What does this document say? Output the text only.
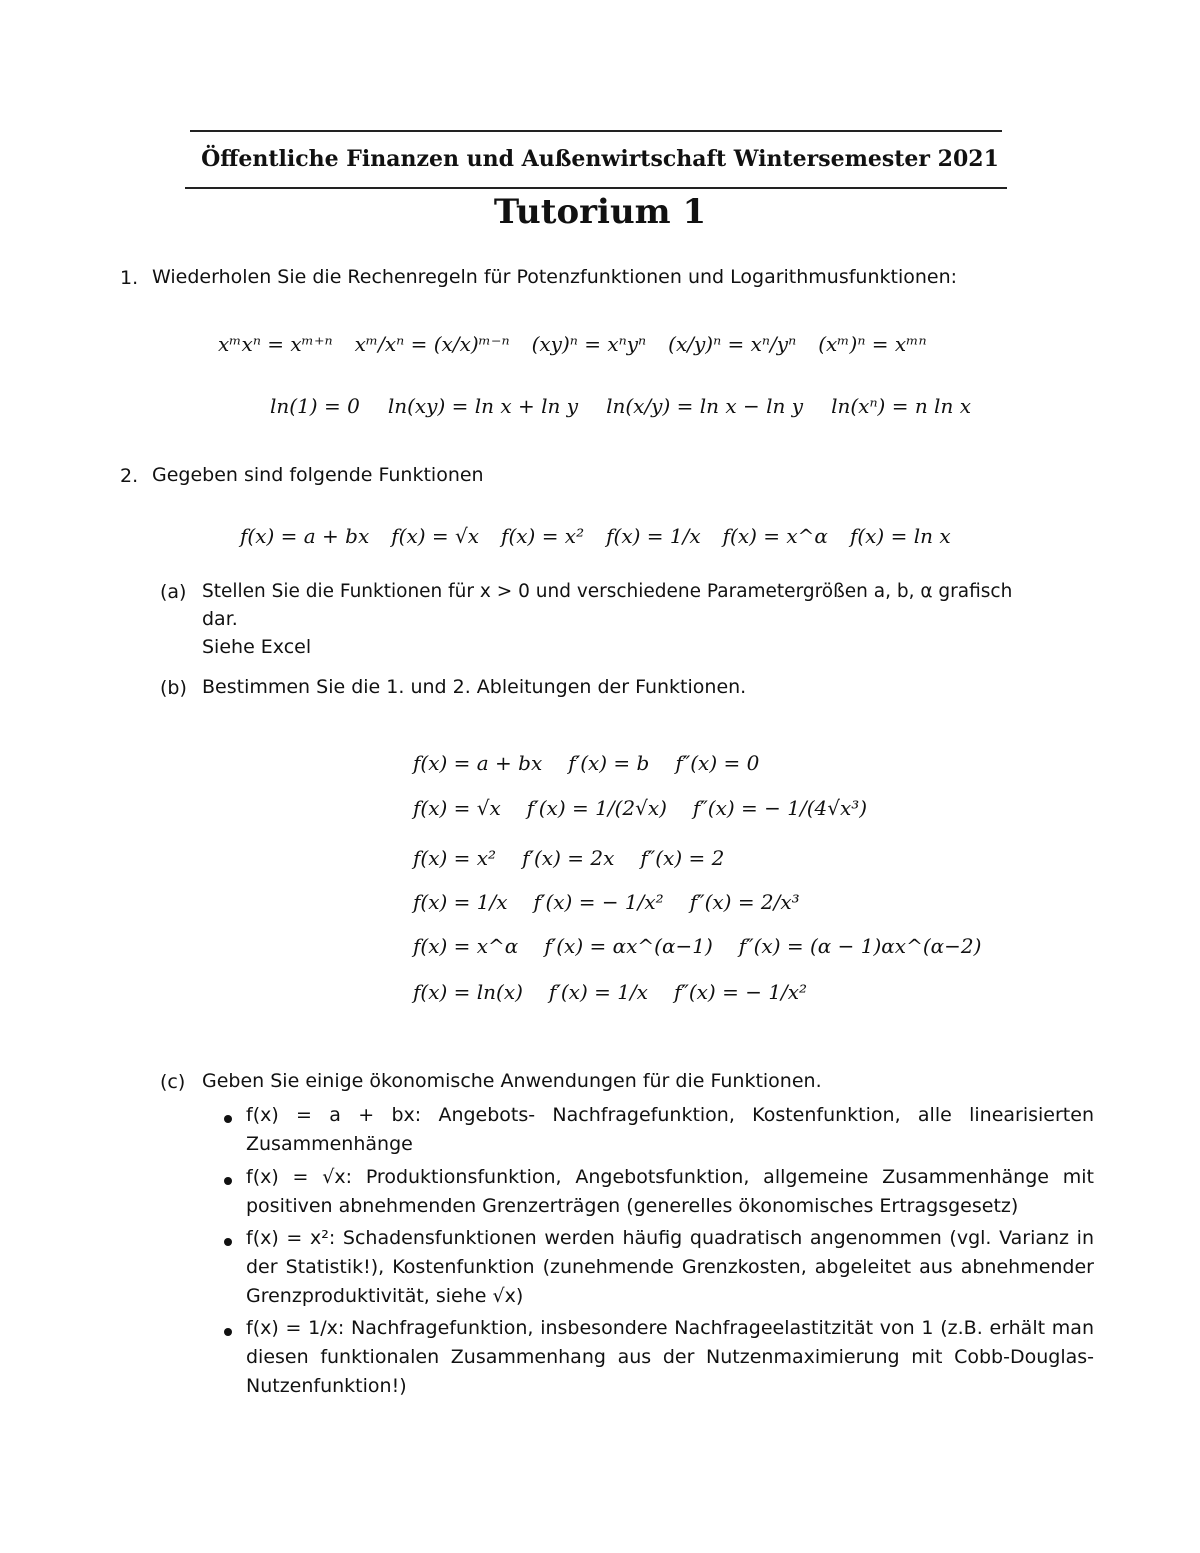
Öffentliche Finanzen und Außenwirtschaft Wintersemester 2021
Tutorium 1
1. Wiederholen Sie die Rechenregeln für Potenzfunktionen und Logarithmusfunktionen:
xᵐxⁿ = xᵐ⁺ⁿ xᵐ/xⁿ = (x/x)ᵐ⁻ⁿ (xy)ⁿ = xⁿyⁿ (x/y)ⁿ = xⁿ/yⁿ (xᵐ)ⁿ = xᵐⁿ
ln(1) = 0 ln(xy) = ln x + ln y ln(x/y) = ln x − ln y ln(xⁿ) = n ln x
2. Gegeben sind folgende Funktionen
f(x) = a + bx f(x) = √x f(x) = x² f(x) = 1/x f(x) = x^α f(x) = ln x
(a) Stellen Sie die Funktionen für x > 0 und verschiedene Parametergrößen a, b, α grafisch
dar.
Siehe Excel
(b) Bestimmen Sie die 1. und 2. Ableitungen der Funktionen.
f(x) = a + bx f′(x) = b f″(x) = 0
f(x) = √x f′(x) = 1/(2√x) f″(x) = − 1/(4√x³)
f(x) = x² f′(x) = 2x f″(x) = 2
f(x) = 1/x f′(x) = − 1/x² f″(x) = 2/x³
f(x) = x^α f′(x) = αx^(α−1) f″(x) = (α − 1)αx^(α−2)
f(x) = ln(x) f′(x) = 1/x f″(x) = − 1/x²
(c) Geben Sie einige ökonomische Anwendungen für die Funktionen.
f(x) = a + bx: Angebots- Nachfragefunktion, Kostenfunktion, alle linearisierten Zusammenhänge
f(x) = √x: Produktionsfunktion, Angebotsfunktion, allgemeine Zusammenhänge mit positiven abnehmenden Grenzerträgen (generelles ökonomisches Ertragsgesetz)
f(x) = x²: Schadensfunktionen werden häufig quadratisch angenommen (vgl. Varianz in der Statistik!), Kostenfunktion (zunehmende Grenzkosten, abgeleitet aus abnehmender Grenzproduktivität, siehe √x)
f(x) = 1/x: Nachfragefunktion, insbesondere Nachfrageelastitzität von 1 (z.B. erhält man diesen funktionalen Zusammenhang aus der Nutzenmaximierung mit Cobb-Douglas-Nutzenfunktion!)
